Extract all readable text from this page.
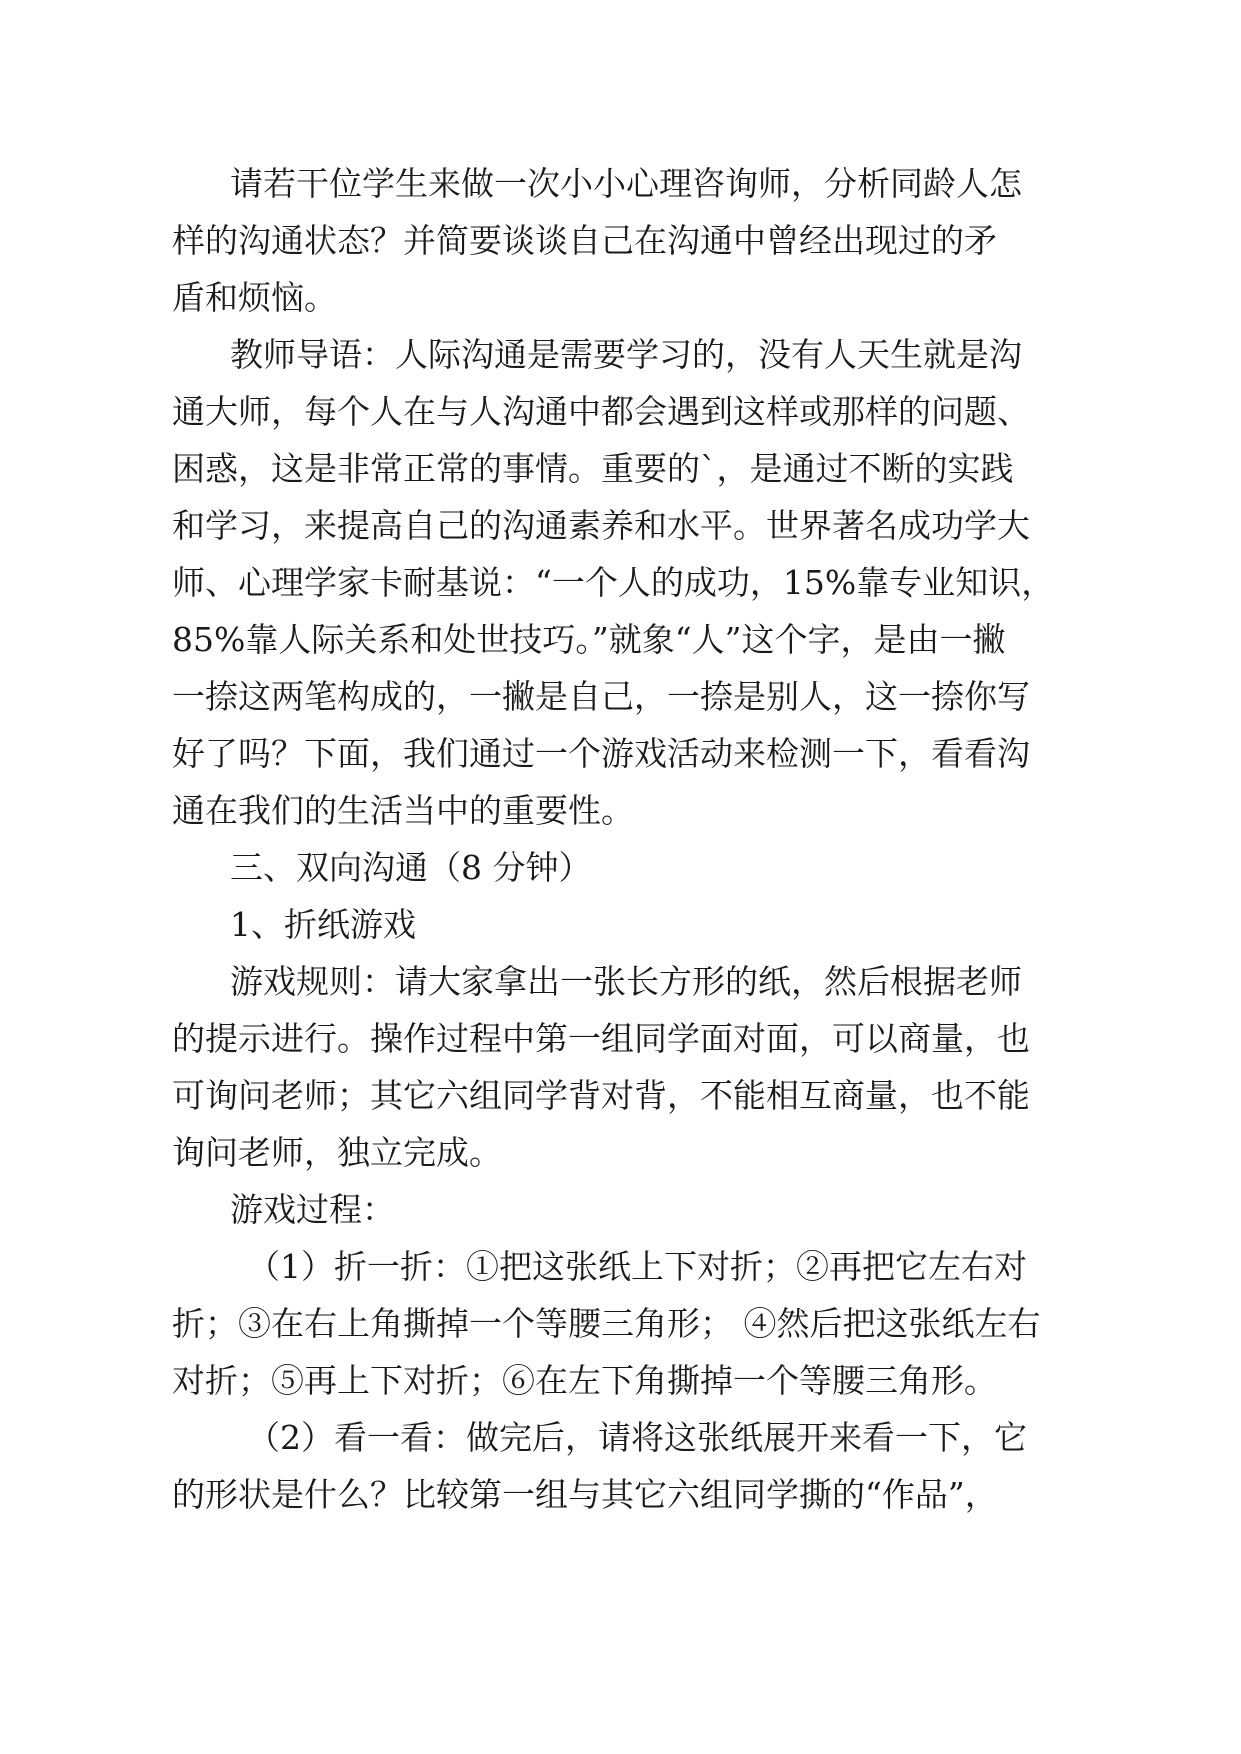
请若干位学生来做一次小小心理咨询师，分析同龄人怎
样的沟通状态？并简要谈谈自己在沟通中曾经出现过的矛
盾和烦恼。
教师导语：人际沟通是需要学习的，没有人天生就是沟
通大师，每个人在与人沟通中都会遇到这样或那样的问题、
困惑，这是非常正常的事情。重要的`，是通过不断的实践
和学习，来提高自己的沟通素养和水平。世界著名成功学大
师、心理学家卡耐基说：“一个人的成功，15%靠专业知识，
85%靠人际关系和处世技巧。”就象“人”这个字，是由一撇
一捺这两笔构成的，一撇是自己，一捺是别人，这一捺你写
好了吗？下面，我们通过一个游戏活动来检测一下，看看沟
通在我们的生活当中的重要性。
三、双向沟通（8 分钟）
1、折纸游戏
游戏规则：请大家拿出一张长方形的纸，然后根据老师
的提示进行。操作过程中第一组同学面对面，可以商量，也
可询问老师；其它六组同学背对背，不能相互商量，也不能
询问老师，独立完成。
游戏过程：
（1）折一折：①把这张纸上下对折；②再把它左右对
折；③在右上角撕掉一个等腰三角形； ④然后把这张纸左右
对折；⑤再上下对折；⑥在左下角撕掉一个等腰三角形。
（2）看一看：做完后，请将这张纸展开来看一下，它
的形状是什么？比较第一组与其它六组同学撕的“作品”，
